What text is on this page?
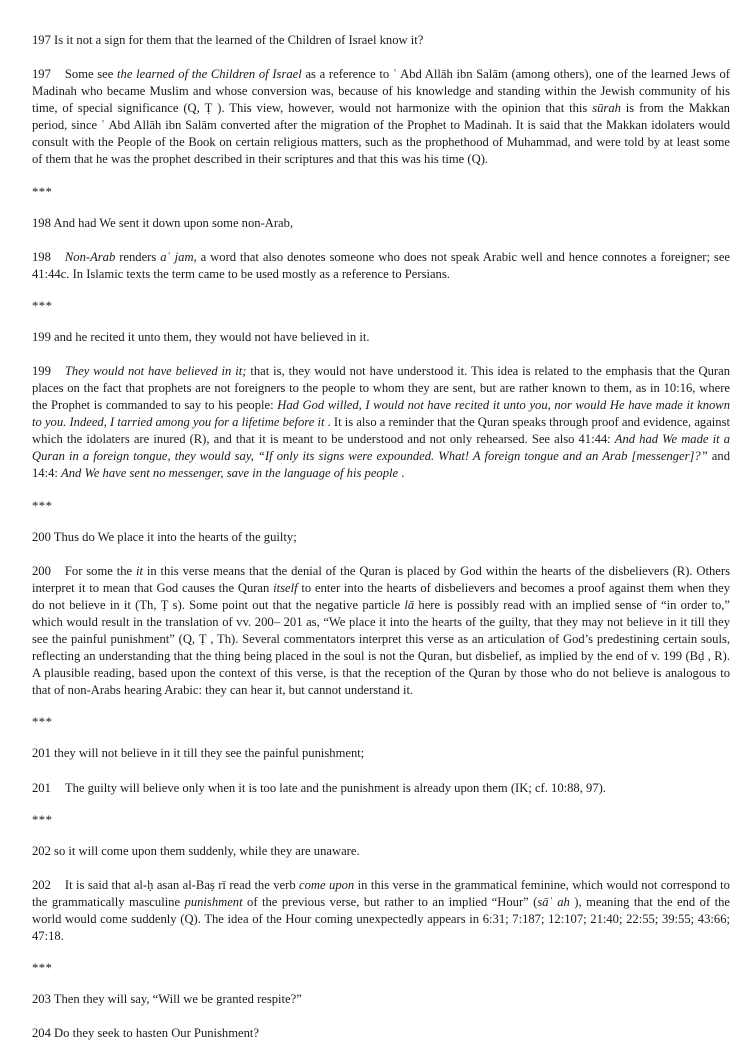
197 Is it not a sign for them that the learned of the Children of Israel know it?

197 Some see the learned of the Children of Israel as a reference to ʿ Abd Allāh ibn Salām (among others), one of the learned Jews of Madinah who became Muslim and whose conversion was, because of his knowledge and standing within the Jewish community of his time, of special significance (Q, Ṭ ). This view, however, would not harmonize with the opinion that this sūrah is from the Makkan period, since ʿ Abd Allāh ibn Salām converted after the migration of the Prophet to Madinah. It is said that the Makkan idolaters would consult with the People of the Book on certain religious matters, such as the prophethood of Muhammad, and were told by at least some of them that he was the prophet described in their scriptures and that this was his time (Q).

***

198 And had We sent it down upon some non-Arab,

198 Non-Arab renders aʿ jam, a word that also denotes someone who does not speak Arabic well and hence connotes a foreigner; see 41:44c. In Islamic texts the term came to be used mostly as a reference to Persians.

***

199 and he recited it unto them, they would not have believed in it.

199 They would not have believed in it; that is, they would not have understood it. This idea is related to the emphasis that the Quran places on the fact that prophets are not foreigners to the people to whom they are sent, but are rather known to them, as in 10:16, where the Prophet is commanded to say to his people: Had God willed, I would not have recited it unto you, nor would He have made it known to you. Indeed, I tarried among you for a lifetime before it . It is also a reminder that the Quran speaks through proof and evidence, against which the idolaters are inured (R), and that it is meant to be understood and not only rehearsed. See also 41:44: And had We made it a Quran in a foreign tongue, they would say, “If only its signs were expounded. What! A foreign tongue and an Arab [messenger]?” and 14:4: And We have sent no messenger, save in the language of his people .

***

200 Thus do We place it into the hearts of the guilty;

200 For some the it in this verse means that the denial of the Quran is placed by God within the hearts of the disbelievers (R). Others interpret it to mean that God causes the Quran itself to enter into the hearts of disbelievers and becomes a proof against them when they do not believe in it (Th, Ṭ s). Some point out that the negative particle lā here is possibly read with an implied sense of “in order to,” which would result in the translation of vv. 200– 201 as, “We place it into the hearts of the guilty, that they may not believe in it till they see the painful punishment” (Q, Ṭ , Th). Several commentators interpret this verse as an articulation of God’s predestining certain souls, reflecting an understanding that the thing being placed in the soul is not the Quran, but disbelief, as implied by the end of v. 199 (Bḍ , R). A plausible reading, based upon the context of this verse, is that the reception of the Quran by those who do not believe is analogous to that of non-Arabs hearing Arabic: they can hear it, but cannot understand it.

***

201 they will not believe in it till they see the painful punishment;

201 The guilty will believe only when it is too late and the punishment is already upon them (IK; cf. 10:88, 97).

***

202 so it will come upon them suddenly, while they are unaware.

202 It is said that al-ḥ asan al-Baṣ rī read the verb come upon in this verse in the grammatical feminine, which would not correspond to the grammatically masculine punishment of the previous verse, but rather to an implied “Hour” (sāʿ ah ), meaning that the end of the world would come suddenly (Q). The idea of the Hour coming unexpectedly appears in 6:31; 7:187; 12:107; 21:40; 22:55; 39:55; 43:66; 47:18.

***

203 Then they will say, “Will we be granted respite?”

204 Do they seek to hasten Our Punishment?
